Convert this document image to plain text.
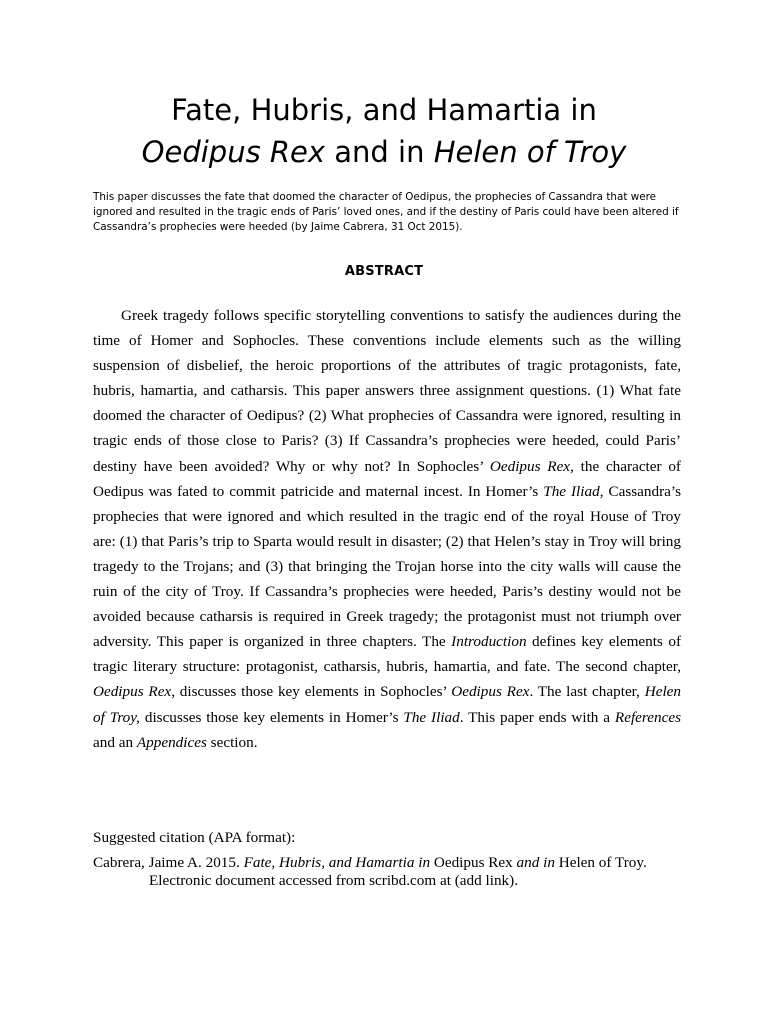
Fate, Hubris, and Hamartia in
Oedipus Rex and in Helen of Troy
This paper discusses the fate that doomed the character of Oedipus, the prophecies of Cassandra that were ignored and resulted in the tragic ends of Paris’ loved ones, and if the destiny of Paris could have been altered if Cassandra’s prophecies were heeded (by Jaime Cabrera, 31 Oct 2015).
ABSTRACT
Greek tragedy follows specific storytelling conventions to satisfy the audiences during the time of Homer and Sophocles. These conventions include elements such as the willing suspension of disbelief, the heroic proportions of the attributes of tragic protagonists, fate, hubris, hamartia, and catharsis. This paper answers three assignment questions. (1) What fate doomed the character of Oedipus? (2) What prophecies of Cassandra were ignored, resulting in tragic ends of those close to Paris? (3) If Cassandra’s prophecies were heeded, could Paris’ destiny have been avoided? Why or why not? In Sophocles’ Oedipus Rex, the character of Oedipus was fated to commit patricide and maternal incest. In Homer’s The Iliad, Cassandra’s prophecies that were ignored and which resulted in the tragic end of the royal House of Troy are: (1) that Paris’s trip to Sparta would result in disaster; (2) that Helen’s stay in Troy will bring tragedy to the Trojans; and (3) that bringing the Trojan horse into the city walls will cause the ruin of the city of Troy. If Cassandra’s prophecies were heeded, Paris’s destiny would not be avoided because catharsis is required in Greek tragedy; the protagonist must not triumph over adversity. This paper is organized in three chapters. The Introduction defines key elements of tragic literary structure: protagonist, catharsis, hubris, hamartia, and fate. The second chapter, Oedipus Rex, discusses those key elements in Sophocles’ Oedipus Rex. The last chapter, Helen of Troy, discusses those key elements in Homer’s The Iliad. This paper ends with a References and an Appendices section.
Suggested citation (APA format):
Cabrera, Jaime A. 2015. Fate, Hubris, and Hamartia in Oedipus Rex and in Helen of Troy. Electronic document accessed from scribd.com at (add link).
